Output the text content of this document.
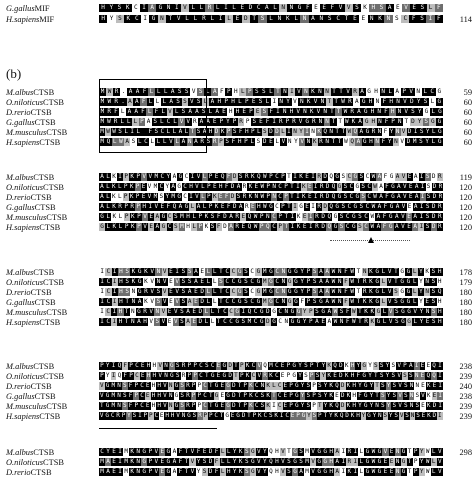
G.gallusMIF
H.sapiensMIF
H Y S K C I A G N I V L L R L I L E D C A L N N G F E E F V V S K H S A E V E S L F
H Y S K C I G N T V L L R L I L E D T S L N K L N A N S C T E E N K N S C F S I F	114
(b)
M.albusCTSB
O.niloticusCTSB
D.rerioCTSB
G.gallusCTSB
M.musculusCTSB
H.sapiensCTSB
M W R . A A F L L L A S S V S L A F P H L P S S L T N I V N K N N T T V R A G H N L A P V N L C G
M W R . A A F L L L A S S V S L A H P H L P E S L I N Y V N K V N T T W R A G H N F H N V D Y S L G
M R F L A A F L F L V L S A A S L A E H H E P E S F I N H V N K V N T T W R A G H N F H N V S Y G L G
M W R L L L P A S L C L V V R A A E P Y P R P S E F I R P R V G R N N T T W K A G H N F P N T D Y S G G
M W W S L I L F S C L L A L T S A H D K P S F H P L S D D L I N Y I N K Q N T T W Q A G R N F Y N V D I S Y L G
M Q L W A S L C L L L V L A N A R S R P S F H P L S D E L V N Y V N K R N T T W Q A G H N F Y N V D M S Y L G
59
60
60
60
60
60
M.albusCTSB
O.niloticusCTSB
D.rerioCTSB
G.gallusCTSB
M.musculusCTSB
H.sapiensCTSB
A L K I P K P V V M C Y A G C I V L P E Q F D S R K Q W P C P T I K E I R D Q G S C G S C W A F G A V E A I S D R
A L K L P K P E V M C Y A G C H V L P E H F D A R K E W P N C P T I K E I R D Q G S C G S C W A F G A V E A I S D R
A L K L P K P E V M S Y M G C I V L P K E F D S R K N W P N C P T I K E I R D Q G S C G S C W A F G A V E A I S D R
A L K R P R P H I V E F Q A G L A L P K E F D A R E H W G C P T I G E I R D Q G S C G S C W A F G A V E A I S D R
G L K L P K P V E A G C S M H L P K S F D A R E Q W P N C P T I K E I R D Q G S C G S C W A F G A V E A I S D R
G L K L P K P V E A G C S M H L P K S F D A R E Q W P Q C P T I K E I R D Q G S C G S C W A F G A V E A I S D R
119
120
120
120
120
120
M.albusCTSB
O.niloticusCTSB
D.rerioCTSB
G.gallusCTSB
M.musculusCTSB
H.sapiensCTSB
I C I H S K G K V N V E I S S A E L L T C C G S C G M G C N G G Y P S A A W N F W T N K G L V T G G L Y K S H
I C I H S K G K V N V E V S S A E L L S C C G S C G M G C N G G Y P S A A W N F W T R K G L V T G G L Y N S H
I C I H S N G R V S V E V S A E D L L T C C G S C G M G C N G G Y P S A A W N F W T R K G L V S G G L Y N S Q
I C I H T N A K V S V E V S A E D L L T C C G S C G M G C N G G F P S G A W N F W T K K G L V S G G L Y E S H
I C I H T N G R V N V E V S A E D L L T C C G I Q C G D G C N G G Y P S G A W S F W T K K G L V S G G V Y N S H
I C I H T N A H V S V E V S A E D L L T C C G S M C G D G C N G G Y P A E A W N F W T R K G L V S G G L Y E S H
178
179
180
180
180
180
M.albusCTSB
O.niloticusCTSB
D.rerioCTSB
G.gallusCTSB
M.musculusCTSB
H.sapiensCTSB
P Y I Q F P C E H H V N G S R P P C S C E G D T P K C V Q M C E P G Y S P T Y K Q D K H Y G Y S S Y S V P A I E E Q I
P Y I Q F P C E H H V N G S R P P C T G E G D T P K C V R K C E P G Y S P S Y K E D K H F G Y T S Y S V S S N E Q Q I
V G M N S F P C E H H V N G S R P P C T G E G D T P K C N K L C E P G Y S P S Y K Q D K H Y G Y T S Y S V S N N E K E I
V G M N S F P C E H H V N G S R P P C T G E G D T P K C S K T C E P G Y S P S Y K E D K H F G Y T S Y S V S N S V K E I
T G M N S F P C E H H V N G S R P P C T G E G D T P K C S K I C E P G Y S P T Y K Q D K H Y G Y N S Y S V S N S E K D I
V G C R P Y S I P P C E H H V N G S R P P C T G E G D T P K C S K I C E P G Y S P T Y K Q D K H Y G Y N S Y S V S N S E K D I
238
239
240
238
239
239
M.albusCTSB
O.niloticusCTSB
D.rerioCTSB
C Y E I M K N G P V E G A F T V F E D F L L Y K S G V Y Q H V T G S M V G G H A I R I L G W G V E N G T P Y W L V
M A E I M K N G P V E G A F T V Y S D F L L Y K S G V Y Q H V S G S M V G G H A I R I L G W G E E N G T P Y W L V
M A E I M K N G P V E G A F T V Y S D F L H Y K S G V Y Q H V S G A M V G G H A I K I L G W G E E N G T P Y W L V
298
